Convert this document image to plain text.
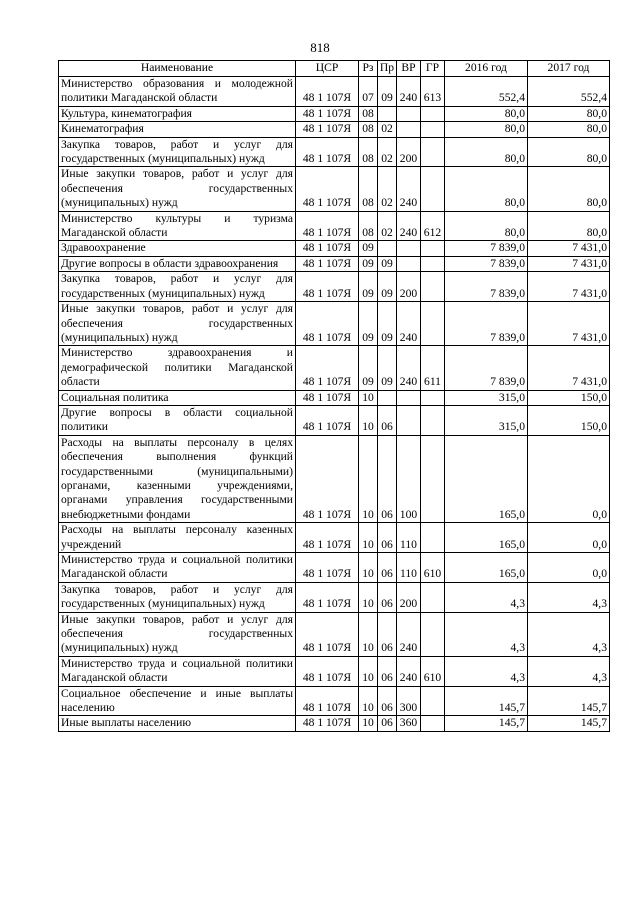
818
Наименование	ЦСР	Рз	Пр	ВР	ГР	2016 год	2017 год
Министерство образования и молодежной политики Магаданской области	48 1 107Я	07	09	240	613	552,4	552,4
Культура, кинематография	48 1 107Я	08				80,0	80,0
Кинематография	48 1 107Я	08	02			80,0	80,0
Закупка товаров, работ и услуг для государственных (муниципальных) нужд	48 1 107Я	08	02	200		80,0	80,0
Иные закупки товаров, работ и услуг для обеспечения государственных (муниципальных) нужд	48 1 107Я	08	02	240		80,0	80,0
Министерство культуры и туризма Магаданской области	48 1 107Я	08	02	240	612	80,0	80,0
Здравоохранение	48 1 107Я	09				7 839,0	7 431,0
Другие вопросы в области здравоохранения	48 1 107Я	09	09			7 839,0	7 431,0
Закупка товаров, работ и услуг для государственных (муниципальных) нужд	48 1 107Я	09	09	200		7 839,0	7 431,0
Иные закупки товаров, работ и услуг для обеспечения государственных (муниципальных) нужд	48 1 107Я	09	09	240		7 839,0	7 431,0
Министерство здравоохранения и демографической политики Магаданской области	48 1 107Я	09	09	240	611	7 839,0	7 431,0
Социальная политика	48 1 107Я	10				315,0	150,0
Другие вопросы в области социальной политики	48 1 107Я	10	06			315,0	150,0
Расходы на выплаты персоналу в целях обеспечения выполнения функций государственными (муниципальными) органами, казенными учреждениями, органами управления государственными внебюджетными фондами	48 1 107Я	10	06	100		165,0	0,0
Расходы на выплаты персоналу казенных учреждений	48 1 107Я	10	06	110		165,0	0,0
Министерство труда и социальной политики Магаданской области	48 1 107Я	10	06	110	610	165,0	0,0
Закупка товаров, работ и услуг для государственных (муниципальных) нужд	48 1 107Я	10	06	200		4,3	4,3
Иные закупки товаров, работ и услуг для обеспечения государственных (муниципальных) нужд	48 1 107Я	10	06	240		4,3	4,3
Министерство труда и социальной политики Магаданской области	48 1 107Я	10	06	240	610	4,3	4,3
Социальное обеспечение и иные выплаты населению	48 1 107Я	10	06	300		145,7	145,7
Иные выплаты населению	48 1 107Я	10	06	360		145,7	145,7
